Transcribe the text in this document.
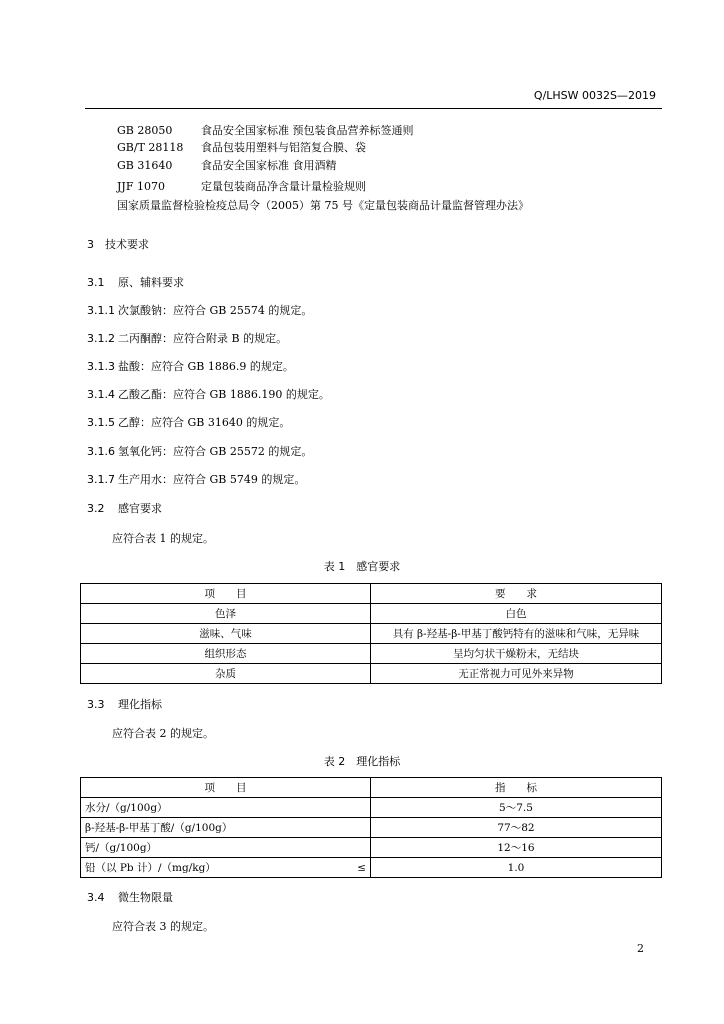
Q/LHSW 0032S—2019
GB 28050	食品安全国家标准 预包装食品营养标签通则
GB/T 28118 食品包装用塑料与铝箔复合膜、袋
GB 31640	食品安全国家标准 食用酒精
JJF 1070	定量包装商品净含量计量检验规则
国家质量监督检验检疫总局令（2005）第 75 号《定量包装商品计量监督管理办法》
3 技术要求
3.1 原、辅料要求
3.1.1 次氯酸钠：应符合 GB 25574 的规定。
3.1.2 二丙酮醇：应符合附录 B 的规定。
3.1.3 盐酸：应符合 GB 1886.9 的规定。
3.1.4 乙酸乙酯：应符合 GB 1886.190 的规定。
3.1.5 乙醇：应符合 GB 31640 的规定。
3.1.6 氢氧化钙：应符合 GB 25572 的规定。
3.1.7 生产用水：应符合 GB 5749 的规定。
3.2 感官要求
应符合表 1 的规定。
表 1　感官要求
项　　目	要　　求
色泽	白色
滋味、气味	具有 β-羟基-β-甲基丁酸钙特有的滋味和气味，无异味
组织形态	呈均匀状干燥粉末，无结块
杂质	无正常视力可见外来异物
3.3 理化指标
应符合表 2 的规定。
表 2　理化指标
项　　目	指　　标

水分/（g/100g）	5～7.5

β-羟基-β-甲基丁酸/（g/100g）	77～82

钙/（g/100g）	12～16

铅（以 Pb 计）/（mg/kg） ≤	1.0
3.4 微生物限量
应符合表 3 的规定。
2
